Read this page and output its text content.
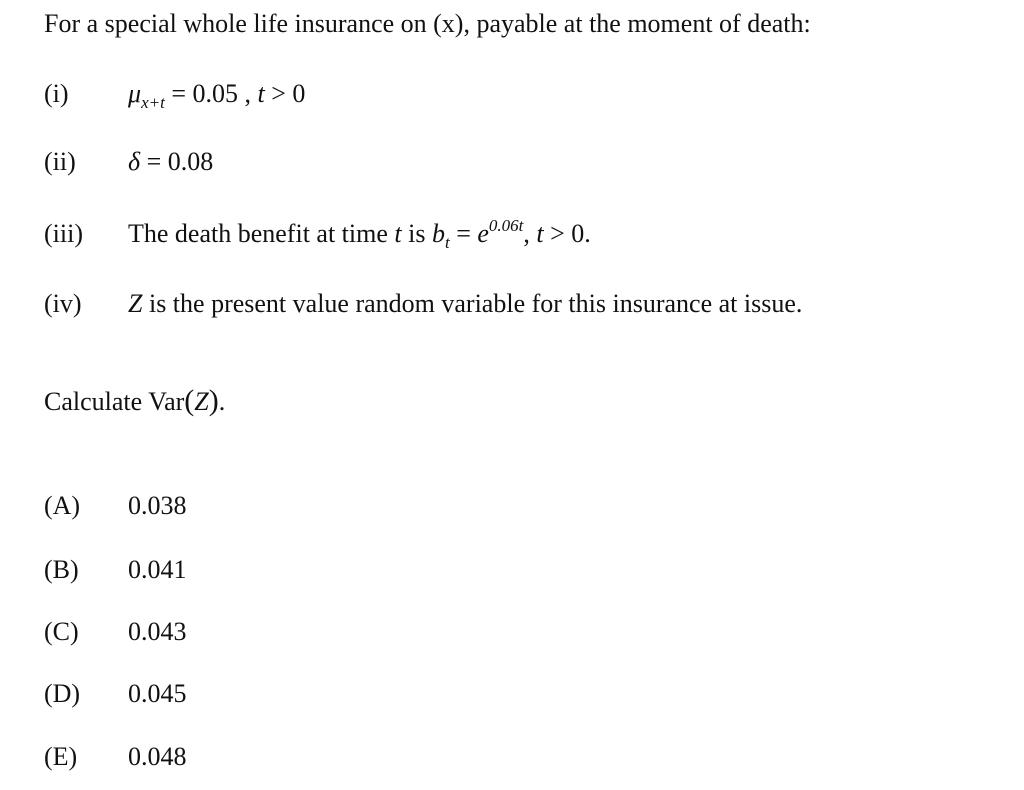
For a special whole life insurance on (x), payable at the moment of death:
(i) $\mu_{x+t} = 0.05$ , t > 0
(ii) δ = 0.08
(iii) The death benefit at time t is $b_t = e^{0.06t}$, t > 0.
(iv) Z is the present value random variable for this insurance at issue.
Calculate Var(Z).
(A) 0.038
(B) 0.041
(C) 0.043
(D) 0.045
(E) 0.048
